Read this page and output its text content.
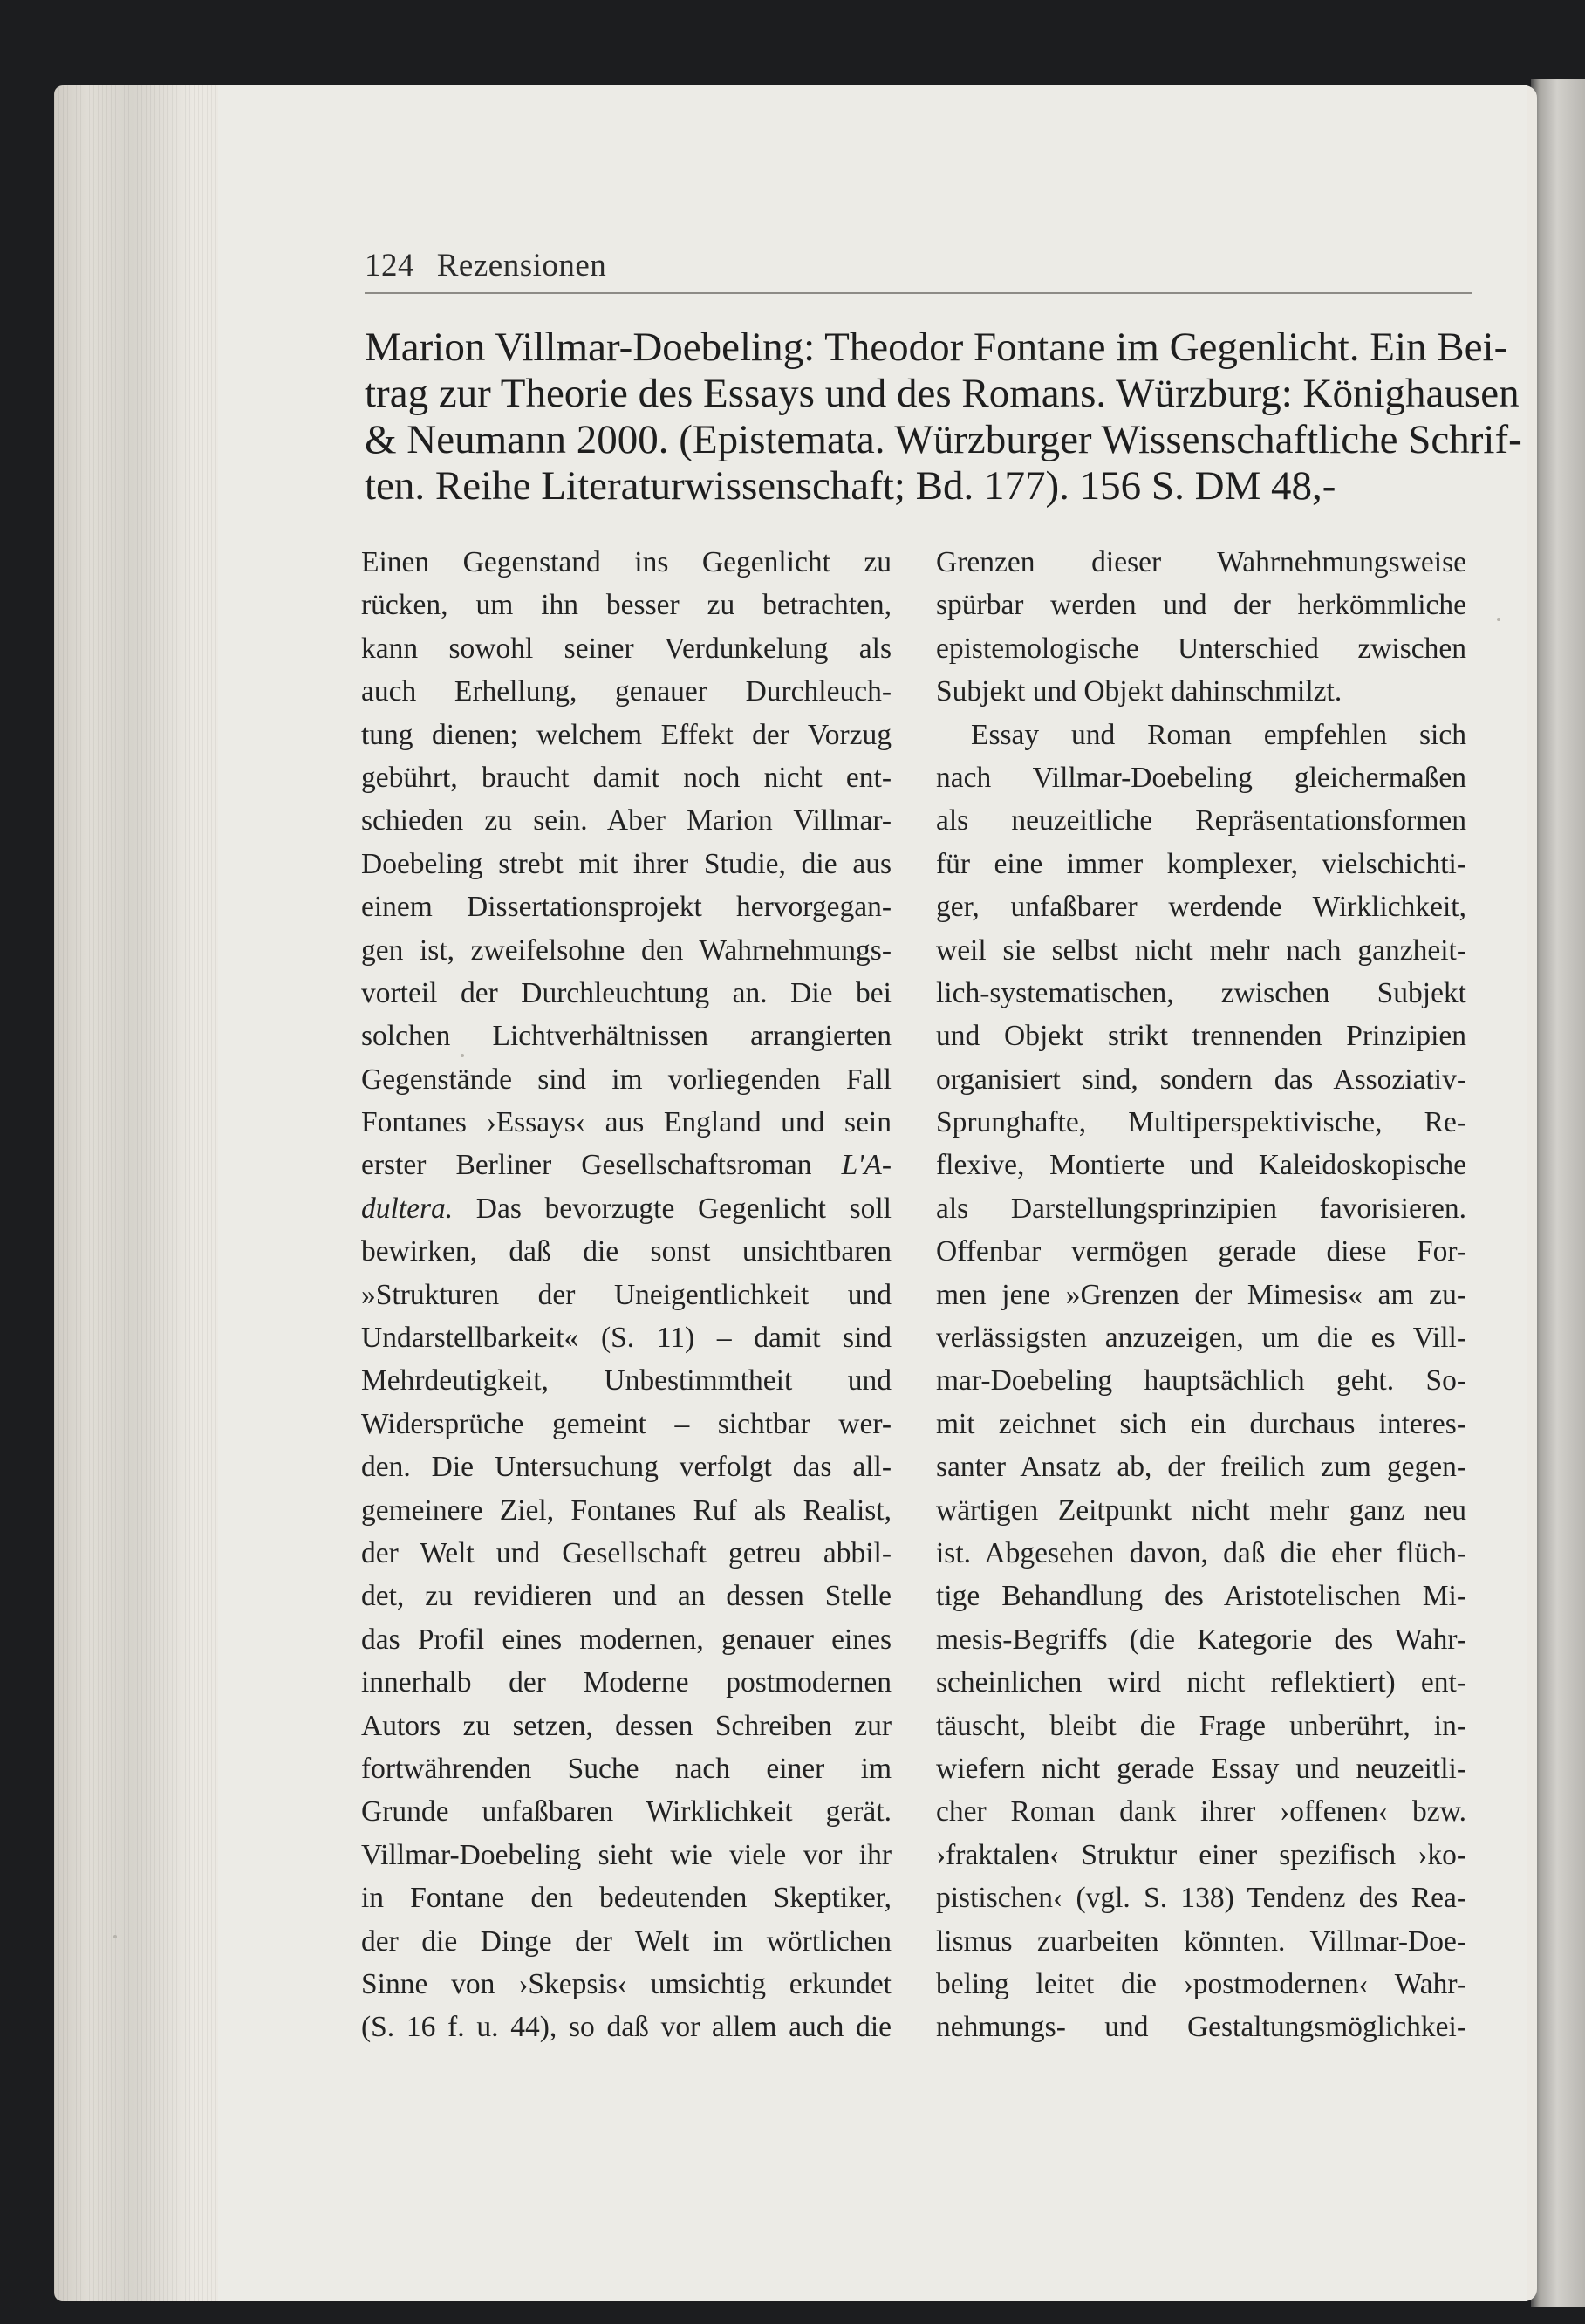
124 Rezensionen
Marion Villmar-Doebeling: Theodor Fontane im Gegenlicht. Ein Bei-
trag zur Theorie des Essays und des Romans. Würzburg: Könighausen
& Neumann 2000. (Epistemata. Würzburger Wissenschaftliche Schrif-
ten. Reihe Literaturwissenschaft; Bd. 177). 156 S. DM 48,-
Einen Gegenstand ins Gegenlicht zu
rücken, um ihn besser zu betrachten,
kann sowohl seiner Verdunkelung als
auch Erhellung, genauer Durchleuch-
tung dienen; welchem Effekt der Vorzug
gebührt, braucht damit noch nicht ent-
schieden zu sein. Aber Marion Villmar-
Doebeling strebt mit ihrer Studie, die aus
einem Dissertationsprojekt hervorgegan-
gen ist, zweifelsohne den Wahrnehmungs-
vorteil der Durchleuchtung an. Die bei
solchen Lichtverhältnissen arrangierten
Gegenstände sind im vorliegenden Fall
Fontanes ›Essays‹ aus England und sein
erster Berliner Gesellschaftsroman L'A-
dultera. Das bevorzugte Gegenlicht soll
bewirken, daß die sonst unsichtbaren
»Strukturen der Uneigentlichkeit und
Undarstellbarkeit« (S. 11) – damit sind
Mehrdeutigkeit, Unbestimmtheit und
Widersprüche gemeint – sichtbar wer-
den. Die Untersuchung verfolgt das all-
gemeinere Ziel, Fontanes Ruf als Realist,
der Welt und Gesellschaft getreu abbil-
det, zu revidieren und an dessen Stelle
das Profil eines modernen, genauer eines
innerhalb der Moderne postmodernen
Autors zu setzen, dessen Schreiben zur
fortwährenden Suche nach einer im
Grunde unfaßbaren Wirklichkeit gerät.
Villmar-Doebeling sieht wie viele vor ihr
in Fontane den bedeutenden Skeptiker,
der die Dinge der Welt im wörtlichen
Sinne von ›Skepsis‹ umsichtig erkundet
(S. 16 f. u. 44), so daß vor allem auch die
Grenzen dieser Wahrnehmungsweise
spürbar werden und der herkömmliche
epistemologische Unterschied zwischen
Subjekt und Objekt dahinschmilzt.
Essay und Roman empfehlen sich
nach Villmar-Doebeling gleichermaßen
als neuzeitliche Repräsentationsformen
für eine immer komplexer, vielschichti-
ger, unfaßbarer werdende Wirklichkeit,
weil sie selbst nicht mehr nach ganzheit-
lich-systematischen, zwischen Subjekt
und Objekt strikt trennenden Prinzipien
organisiert sind, sondern das Assoziativ-
Sprunghafte, Multiperspektivische, Re-
flexive, Montierte und Kaleidoskopische
als Darstellungsprinzipien favorisieren.
Offenbar vermögen gerade diese For-
men jene »Grenzen der Mimesis« am zu-
verlässigsten anzuzeigen, um die es Vill-
mar-Doebeling hauptsächlich geht. So-
mit zeichnet sich ein durchaus interes-
santer Ansatz ab, der freilich zum gegen-
wärtigen Zeitpunkt nicht mehr ganz neu
ist. Abgesehen davon, daß die eher flüch-
tige Behandlung des Aristotelischen Mi-
mesis-Begriffs (die Kategorie des Wahr-
scheinlichen wird nicht reflektiert) ent-
täuscht, bleibt die Frage unberührt, in-
wiefern nicht gerade Essay und neuzeitli-
cher Roman dank ihrer ›offenen‹ bzw.
›fraktalen‹ Struktur einer spezifisch ›ko-
pistischen‹ (vgl. S. 138) Tendenz des Rea-
lismus zuarbeiten könnten. Villmar-Doe-
beling leitet die ›postmodernen‹ Wahr-
nehmungs- und Gestaltungsmöglichkei-
